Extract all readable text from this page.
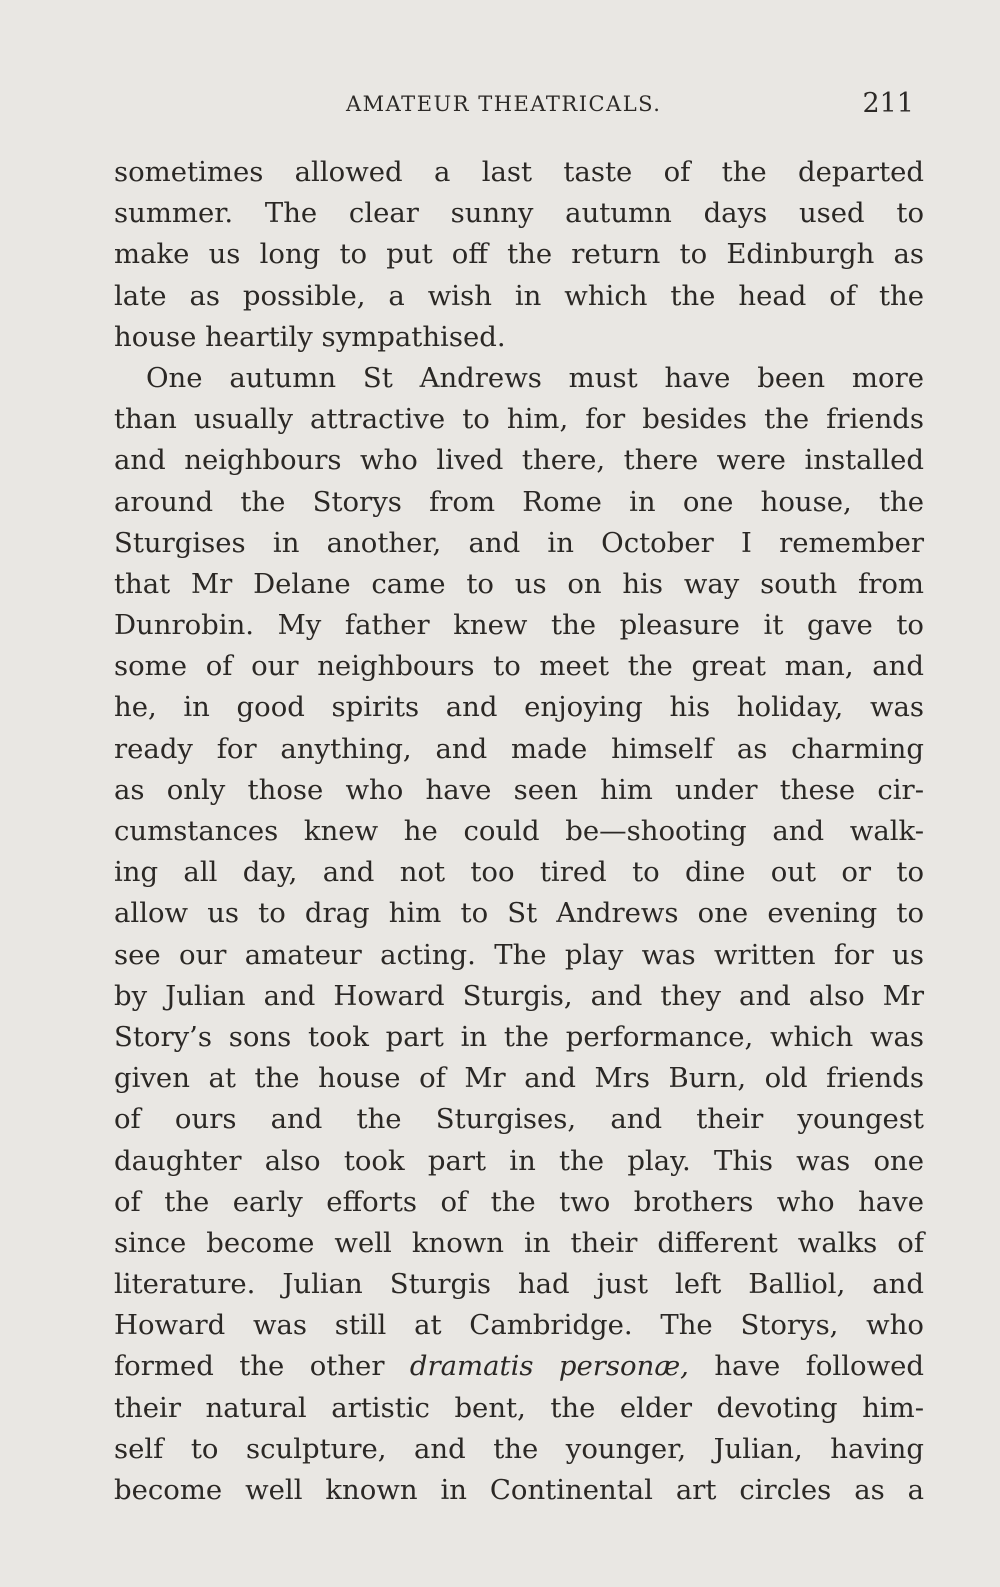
AMATEUR THEATRICALS.	211
sometimes allowed a last taste of the departed
summer. The clear sunny autumn days used to
make us long to put off the return to Edinburgh as
late as possible, a wish in which the head of the
house heartily sympathised.
One autumn St Andrews must have been more
than usually attractive to him, for besides the friends
and neighbours who lived there, there were installed
around the Storys from Rome in one house, the
Sturgises in another, and in October I remember
that Mr Delane came to us on his way south from
Dunrobin. My father knew the pleasure it gave to
some of our neighbours to meet the great man, and
he, in good spirits and enjoying his holiday, was
ready for anything, and made himself as charming
as only those who have seen him under these cir-
cumstances knew he could be—shooting and walk-
ing all day, and not too tired to dine out or to
allow us to drag him to St Andrews one evening to
see our amateur acting. The play was written for us
by Julian and Howard Sturgis, and they and also Mr
Story’s sons took part in the performance, which was
given at the house of Mr and Mrs Burn, old friends
of ours and the Sturgises, and their youngest
daughter also took part in the play. This was one
of the early efforts of the two brothers who have
since become well known in their different walks of
literature. Julian Sturgis had just left Balliol, and
Howard was still at Cambridge. The Storys, who
formed the other dramatis personæ, have followed
their natural artistic bent, the elder devoting him-
self to sculpture, and the younger, Julian, having
become well known in Continental art circles as a
